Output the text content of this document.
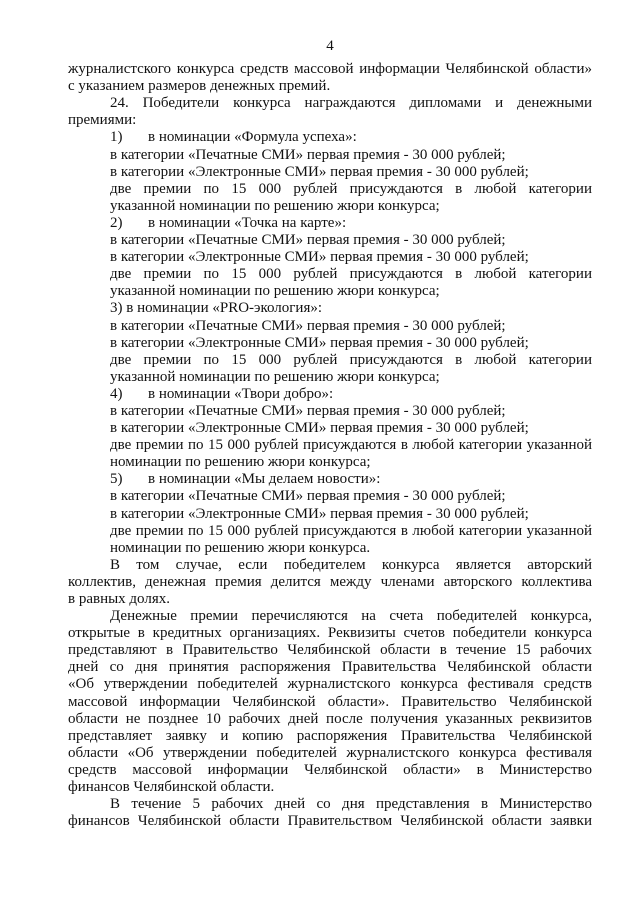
4

журналистского конкурса средств массовой информации Челябинской области»

с указанием размеров денежных премий.

24. Победители конкурса награждаются дипломами и денежными

премиями:

1) в номинации «Формула успеха»:

в категории «Печатные СМИ» первая премия - 30 000 рублей;

в категории «Электронные СМИ» первая премия - 30 000 рублей;

две премии по 15 000 рублей присуждаются в любой категории

указанной номинации по решению жюри конкурса;

2) в номинации «Точка на карте»:

в категории «Печатные СМИ» первая премия - 30 000 рублей;

в категории «Электронные СМИ» первая премия - 30 000 рублей;

две премии по 15 000 рублей присуждаются в любой категории

указанной номинации по решению жюри конкурса;

3) в номинации «PRO-экология»:

в категории «Печатные СМИ» первая премия - 30 000 рублей;

в категории «Электронные СМИ» первая премия - 30 000 рублей;

две премии по 15 000 рублей присуждаются в любой категории

указанной номинации по решению жюри конкурса;

4) в номинации «Твори добро»:

в категории «Печатные СМИ» первая премия - 30 000 рублей;

в категории «Электронные СМИ» первая премия - 30 000 рублей;

две премии по 15 000 рублей присуждаются в любой категории указанной

номинации по решению жюри конкурса;

5) в номинации «Мы делаем новости»:

в категории «Печатные СМИ» первая премия - 30 000 рублей;

в категории «Электронные СМИ» первая премия - 30 000 рублей;

две премии по 15 000 рублей присуждаются в любой категории указанной

номинации по решению жюри конкурса.

В том случае, если победителем конкурса является авторский

коллектив, денежная премия делится между членами авторского коллектива

в равных долях.

Денежные премии перечисляются на счета победителей конкурса,

открытые в кредитных организациях. Реквизиты счетов победители конкурса

представляют в Правительство Челябинской области в течение 15 рабочих

дней со дня принятия распоряжения Правительства Челябинской области

«Об утверждении победителей журналистского конкурса фестиваля средств

массовой информации Челябинской области». Правительство Челябинской

области не позднее 10 рабочих дней после получения указанных реквизитов

представляет заявку и копию распоряжения Правительства Челябинской

области «Об утверждении победителей журналистского конкурса фестиваля

средств массовой информации Челябинской области» в Министерство

финансов Челябинской области.

В течение 5 рабочих дней со дня представления в Министерство

финансов Челябинской области Правительством Челябинской области заявки
